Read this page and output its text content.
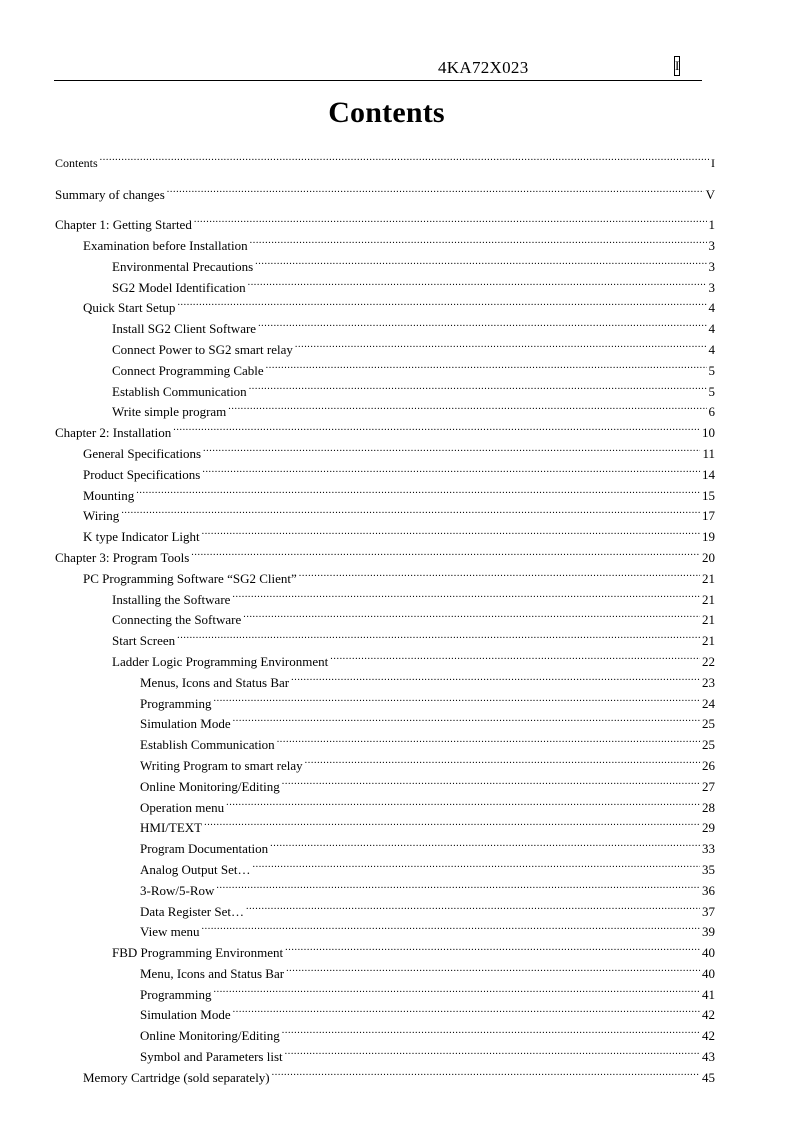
4KA72X023	I
Contents
Contents .....	I
Summary of changes .....	V
Chapter 1: Getting Started .....	1
Examination before Installation .....	3
Environmental Precautions .....	3
SG2 Model Identification .....	3
Quick Start Setup .....	4
Install SG2 Client Software .....	4
Connect Power to SG2 smart relay .....	4
Connect Programming Cable .....	5
Establish Communication .....	5
Write simple program .....	6
Chapter 2: Installation .....	10
General Specifications .....	11
Product Specifications .....	14
Mounting .....	15
Wiring .....	17
K type Indicator Light .....	19
Chapter 3: Program Tools .....	20
PC Programming Software “SG2 Client” .....	21
Installing the Software .....	21
Connecting the Software .....	21
Start Screen .....	21
Ladder Logic Programming Environment .....	22
Menus, Icons and Status Bar .....	23
Programming .....	24
Simulation Mode .....	25
Establish Communication .....	25
Writing Program to smart relay .....	26
Online Monitoring/Editing .....	27
Operation menu .....	28
HMI/TEXT .....	29
Program Documentation .....	33
Analog Output Set… .....	35
3-Row/5-Row .....	36
Data Register Set… .....	37
View menu .....	39
FBD Programming Environment .....	40
Menu, Icons and Status Bar .....	40
Programming .....	41
Simulation Mode .....	42
Online Monitoring/Editing .....	42
Symbol and Parameters list .....	43
Memory Cartridge (sold separately) .....	45
